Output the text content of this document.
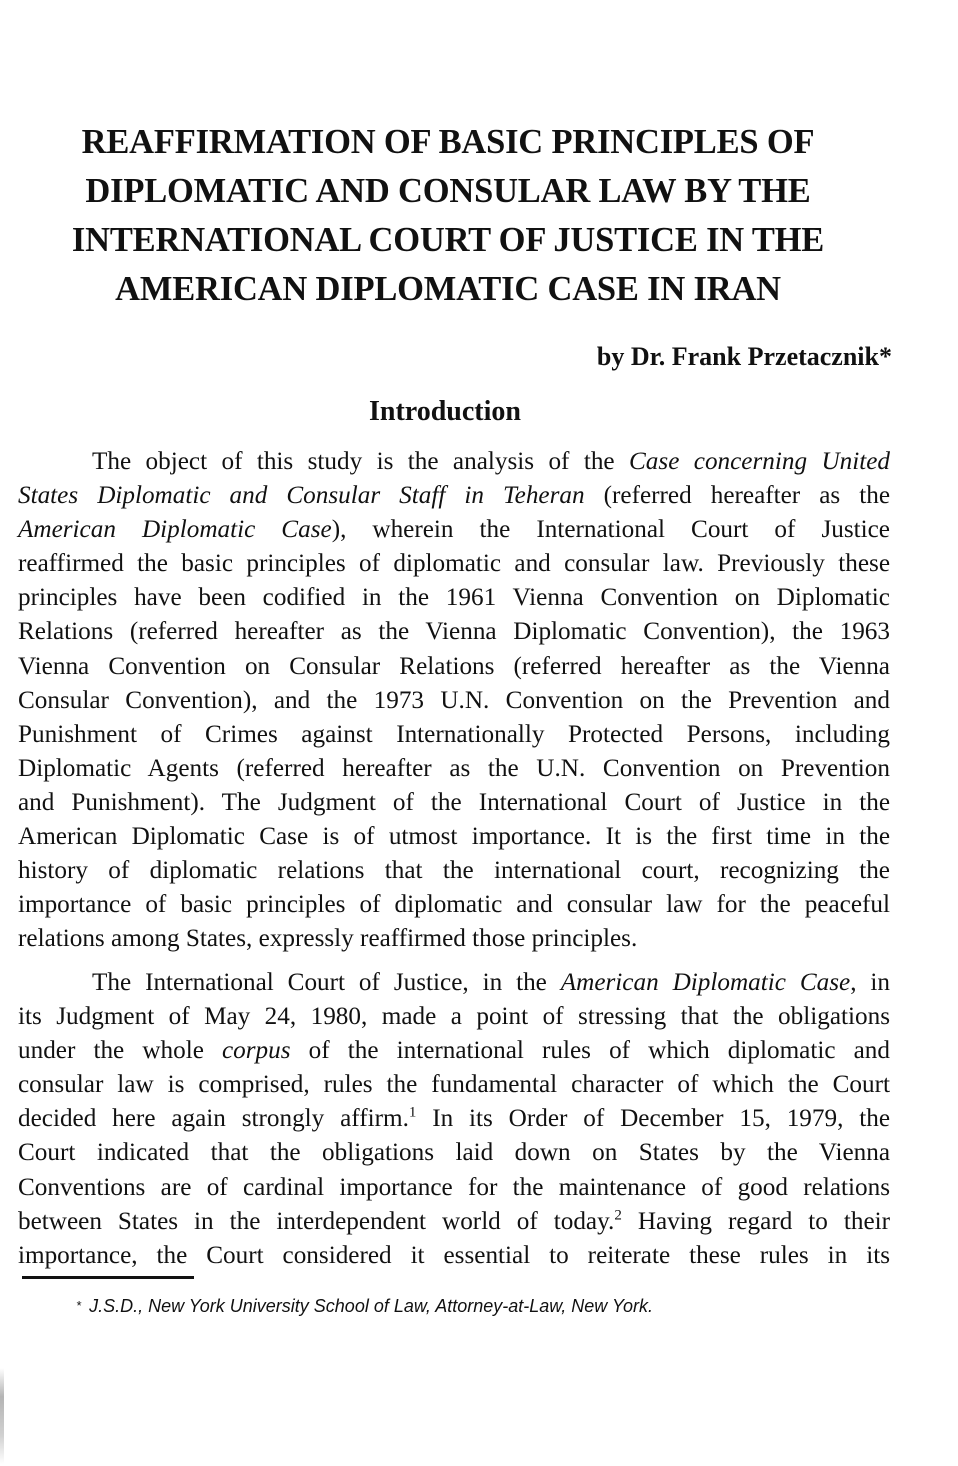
REAFFIRMATION OF BASIC PRINCIPLES OF
DIPLOMATIC AND CONSULAR LAW BY THE
INTERNATIONAL COURT OF JUSTICE IN THE
AMERICAN DIPLOMATIC CASE IN IRAN
by Dr. Frank Przetacznik*
Introduction
The object of this study is the analysis of the Case concerning United
States Diplomatic and Consular Staff in Teheran (referred hereafter as the
American Diplomatic Case), wherein the International Court of Justice
reaffirmed the basic principles of diplomatic and consular law. Previously these
principles have been codified in the 1961 Vienna Convention on Diplomatic
Relations (referred hereafter as the Vienna Diplomatic Convention), the 1963
Vienna Convention on Consular Relations (referred hereafter as the Vienna
Consular Convention), and the 1973 U.N. Convention on the Prevention and
Punishment of Crimes against Internationally Protected Persons, including
Diplomatic Agents (referred hereafter as the U.N. Convention on Prevention
and Punishment). The Judgment of the International Court of Justice in the
American Diplomatic Case is of utmost importance. It is the first time in the
history of diplomatic relations that the international court, recognizing the
importance of basic principles of diplomatic and consular law for the peaceful
relations among States, expressly reaffirmed those principles.
The International Court of Justice, in the American Diplomatic Case, in
its Judgment of May 24, 1980, made a point of stressing that the obligations
under the whole corpus of the international rules of which diplomatic and
consular law is comprised, rules the fundamental character of which the Court
decided here again strongly affirm.$^1$ In its Order of December 15, 1979, the
Court indicated that the obligations laid down on States by the Vienna
Conventions are of cardinal importance for the maintenance of good relations
between States in the interdependent world of today.$^2$ Having regard to their
importance, the Court considered it essential to reiterate these rules in its
* J.S.D., New York University School of Law, Attorney-at-Law, New York.
